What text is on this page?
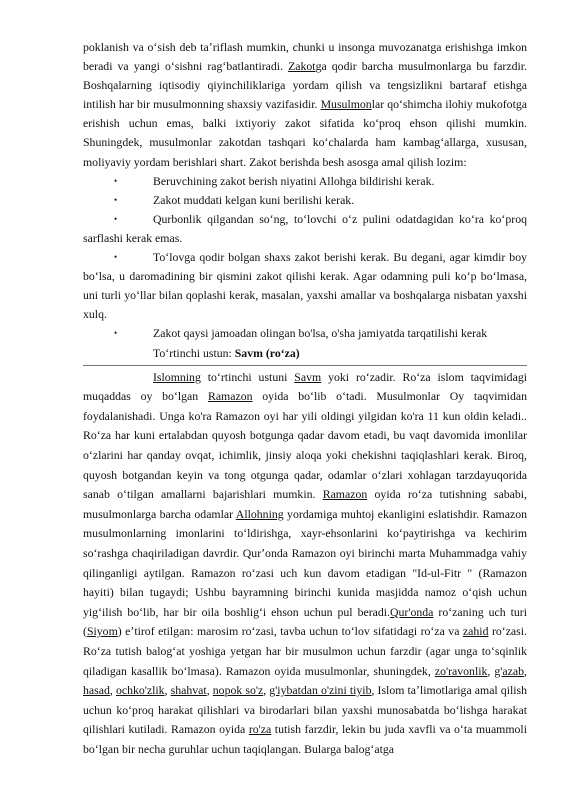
poklanish va oʻsish deb taʼriflash mumkin, chunki u insonga muvozanatga erishishga imkon beradi va yangi oʻsishni ragʻbatlantiradi. Zakotga qodir barcha musulmonlarga bu farzdir. Boshqalarning iqtisodiy qiyinchiliklariga yordam qilish va tengsizlikni bartaraf etishga intilish har bir musulmonning shaxsiy vazifasidir. Musulmonlar qoʻshimcha ilohiy mukofotga erishish uchun emas, balki ixtiyoriy zakot sifatida koʻproq ehson qilishi mumkin. Shuningdek, musulmonlar zakotdan tashqari koʻchalarda ham kambagʻallarga, xususan, moliyaviy yordam berishlari shart. Zakot berishda besh asosga amal qilish lozim:

•	Beruvchining zakot berish niyatini Allohga bildirishi kerak.
•	Zakot muddati kelgan kuni berilishi kerak.
•	Qurbonlik qilgandan soʻng, toʻlovchi oʻz pulini odatdagidan koʻra koʻproq sarflashi kerak emas.
•	Toʻlovga qodir bolgan shaxs zakot berishi kerak. Bu degani, agar kimdir boy boʻlsa, u daromadining bir qismini zakot qilishi kerak. Agar odamning puli koʻp boʻlmasa, uni turli yoʻllar bilan qoplashi kerak, masalan, yaxshi amallar va boshqalarga nisbatan yaxshi xulq.
•	Zakot qaysi jamoadan olingan bo'lsa, o'sha jamiyatda tarqatilishi kerak
Toʻrtinchi ustun: Savm (roʻza)

Islomning toʻrtinchi ustuni Savm yoki roʻzadir. Roʻza islom taqvimidagi muqaddas oy boʻlgan Ramazon oyida boʻlib oʻtadi. Musulmonlar Oy taqvimidan foydalanishadi. Unga ko'ra Ramazon oyi har yili oldingi yilgidan ko'ra 11 kun oldin keladi.. Roʻza har kuni ertalabdan quyosh botgunga qadar davom etadi, bu vaqt davomida imonlilar oʻzlarini har qanday ovqat, ichimlik, jinsiy aloqa yoki chekishni taqiqlashlari kerak. Biroq, quyosh botgandan keyin va tong otgunga qadar, odamlar oʻzlari xohlagan tarzdayuqorida sanab oʻtilgan amallarni bajarishlari mumkin. Ramazon oyida roʻza tutishning sababi, musulmonlarga barcha odamlar Allohning yordamiga muhtoj ekanligini eslatishdir. Ramazon musulmonlarning imonlarini toʻldirishga, xayr-ehsonlarini koʻpaytirishga va kechirim soʻrashga chaqiriladigan davrdir. Qurʼonda Ramazon oyi birinchi marta Muhammadga vahiy qilinganligi aytilgan. Ramazon roʻzasi uch kun davom etadigan "Id-ul-Fitr " (Ramazon hayiti) bilan tugaydi; Ushbu bayramning birinchi kunida masjidda namoz oʻqish uchun yigʻilish boʻlib, har bir oila boshligʻi ehson uchun pul beradi.Qur'onda roʻzaning uch turi (Siyom) eʼtirof etilgan: marosim roʻzasi, tavba uchun toʻlov sifatidagi roʻza va zahid roʻzasi. Roʻza tutish balogʻat yoshiga yetgan har bir musulmon uchun farzdir (agar unga toʻsqinlik qiladigan kasallik boʻlmasa). Ramazon oyida musulmonlar, shuningdek, zo'ravonlik, g'azab, hasad, ochko'zlik, shahvat, nopok so'z, g'iybatdan o'zini tiyib, Islom taʼlimotlariga amal qilish uchun koʻproq harakat qilishlari va birodarlari bilan yaxshi munosabatda boʻlishga harakat qilishlari kutiladi. Ramazon oyida ro'za tutish farzdir, lekin bu juda xavfli va oʻta muammoli boʻlgan bir necha guruhlar uchun taqiqlangan. Bularga balogʻatga
